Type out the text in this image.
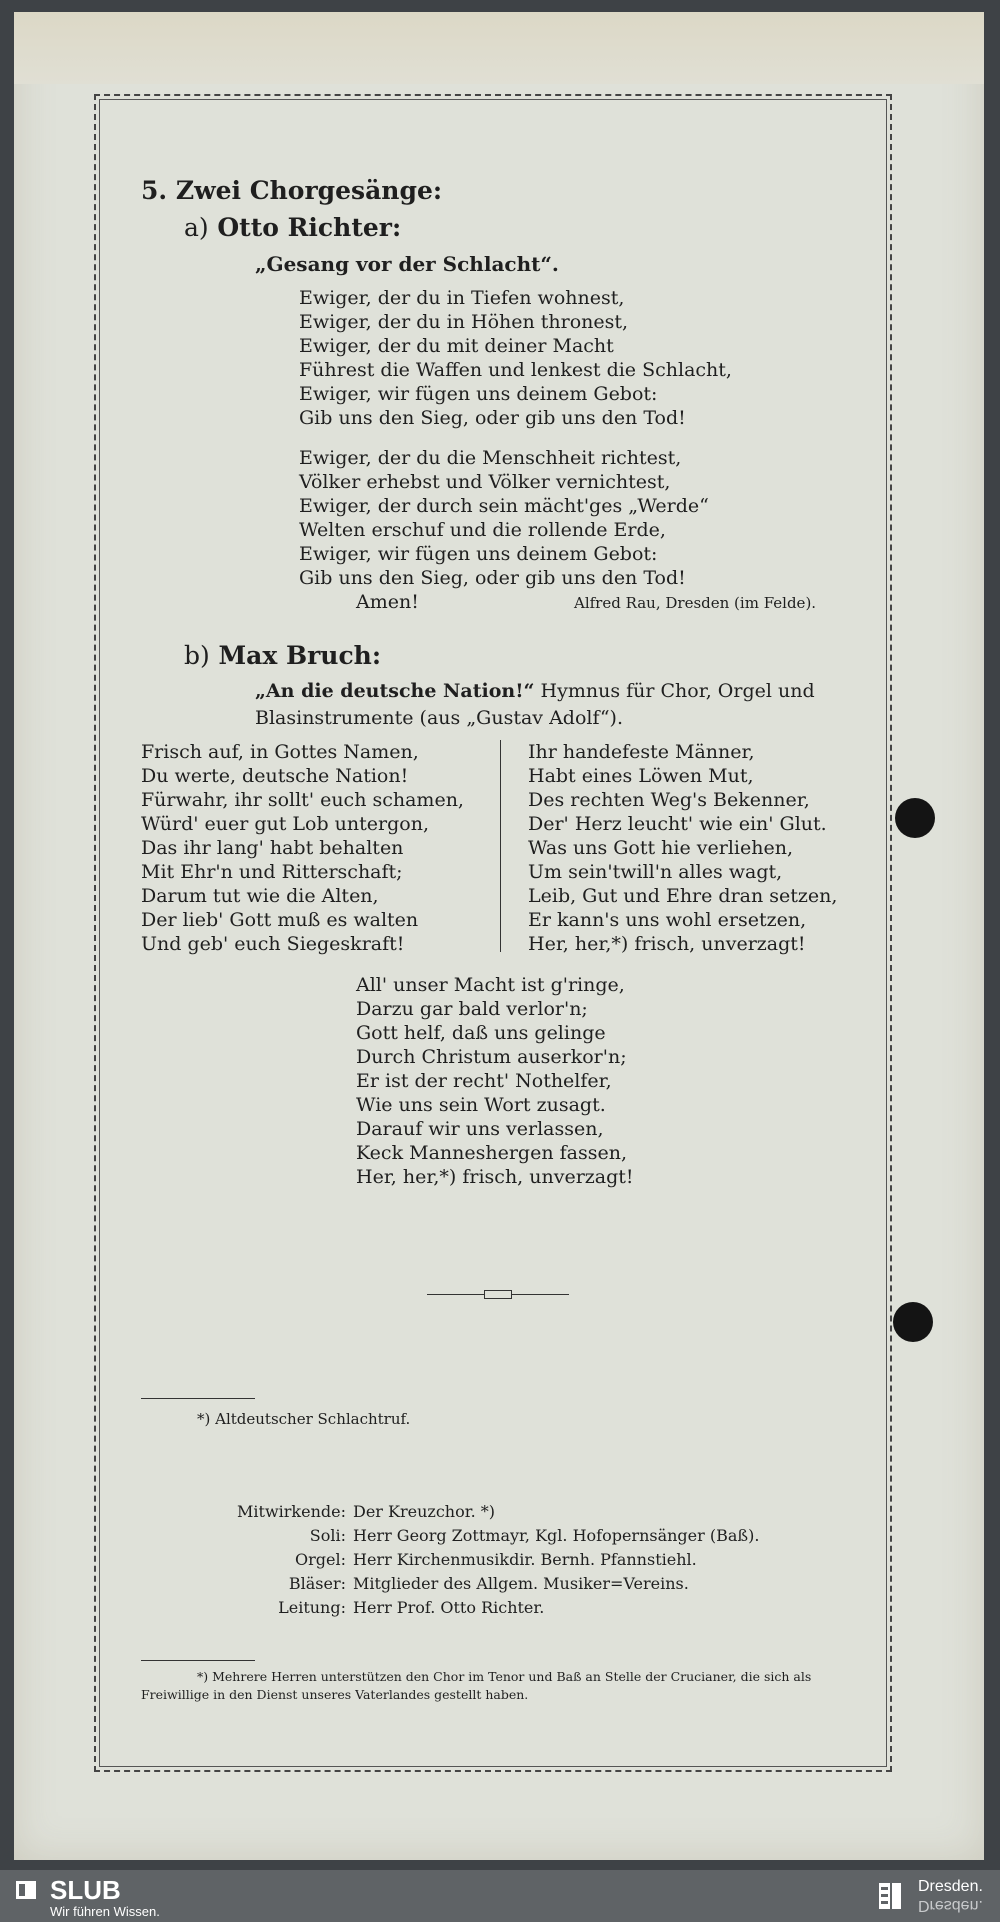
5. Zwei Chorgesänge:
a) Otto Richter:
„Gesang vor der Schlacht“.
Ewiger, der du in Tiefen wohnest,
Ewiger, der du in Höhen thronest,
Ewiger, der du mit deiner Macht
Führest die Waffen und lenkest die Schlacht,
Ewiger, wir fügen uns deinem Gebot:
Gib uns den Sieg, oder gib uns den Tod!
Ewiger, der du die Menschheit richtest,
Völker erhebst und Völker vernichtest,
Ewiger, der durch sein mächt'ges „Werde“
Welten erschuf und die rollende Erde,
Ewiger, wir fügen uns deinem Gebot:
Gib uns den Sieg, oder gib uns den Tod!
Amen!	Alfred Rau, Dresden (im Felde).
b) Max Bruch:
„An die deutsche Nation!“ Hymnus für Chor, Orgel und
Blasinstrumente (aus „Gustav Adolf“).
Frisch auf, in Gottes Namen,
Du werte, deutsche Nation!
Fürwahr, ihr sollt' euch schamen,
Würd' euer gut Lob untergon,
Das ihr lang' habt behalten
Mit Ehr'n und Ritterschaft;
Darum tut wie die Alten,
Der lieb' Gott muß es walten
Und geb' euch Siegeskraft!
Ihr handefeste Männer,
Habt eines Löwen Mut,
Des rechten Weg's Bekenner,
Der' Herz leucht' wie ein' Glut.
Was uns Gott hie verliehen,
Um sein'twill'n alles wagt,
Leib, Gut und Ehre dran setzen,
Er kann's uns wohl ersetzen,
Her, her,*) frisch, unverzagt!
All' unser Macht ist g'ringe,
Darzu gar bald verlor'n;
Gott helf, daß uns gelinge
Durch Christum auserkor'n;
Er ist der recht' Nothelfer,
Wie uns sein Wort zusagt.
Darauf wir uns verlassen,
Keck Manneshergen fassen,
Her, her,*) frisch, unverzagt!
*) Altdeutscher Schlachtruf.
Mitwirkende: Der Kreuzchor. *)
Soli: Herr Georg Zottmayr, Kgl. Hofopernsänger (Baß).
Orgel: Herr Kirchenmusikdir. Bernh. Pfannstiehl.
Bläser: Mitglieder des Allgem. Musiker=Vereins.
Leitung: Herr Prof. Otto Richter.
*) Mehrere Herren unterstützen den Chor im Tenor und Baß an Stelle der Crucianer, die sich als
Freiwillige in den Dienst unseres Vaterlandes gestellt haben.
SLUB
Wir führen Wissen.
Dresden.
Dresden.
